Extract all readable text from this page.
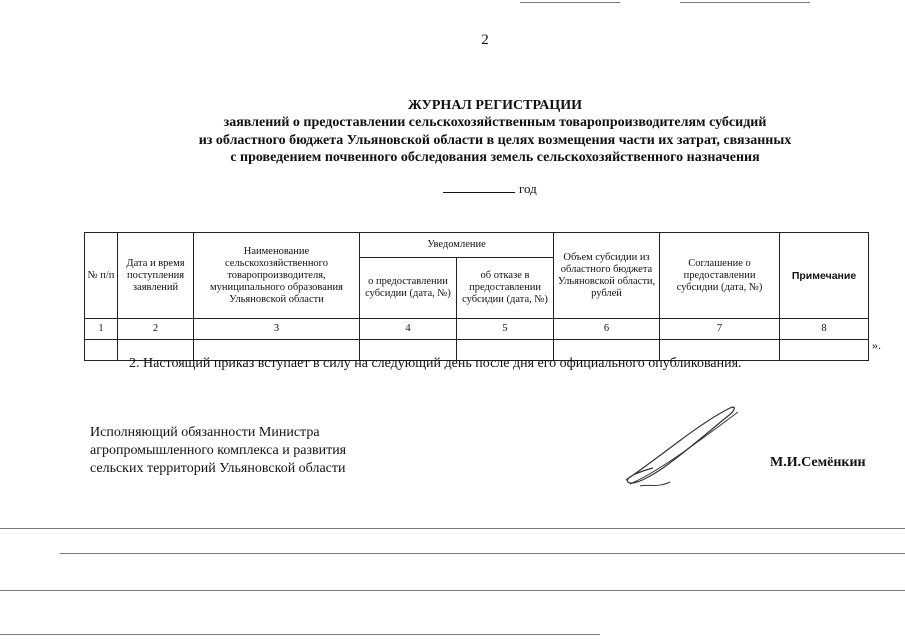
2
ЖУРНАЛ РЕГИСТРАЦИИ
заявлений о предоставлении сельскохозяйственным товаропроизводителям субсидий
из областного бюджета Ульяновской области в целях возмещения части их затрат, связанных
с проведением почвенного обследования земель сельскохозяйственного назначения
год
№ п/п	Дата и время поступления заявлений	Наименование сельскохозяйственного товаропроизводителя, муниципального образования Ульяновской области	Уведомление		Объем субсидии из областного бюджета Ульяновской области, рублей	Соглашение о предоставлении субсидии (дата, №)	Примечание
			о предоставлении субсидии (дата, №)	об отказе в предоставлении субсидии (дата, №)			
1	2	3	4	5	6	7	8

».
2. Настоящий приказ вступает в силу на следующий день после дня его официального опубликования.
Исполняющий обязанности Министра
агропромышленного комплекса и развития
сельских территорий Ульяновской области	М.И.Семёнкин
